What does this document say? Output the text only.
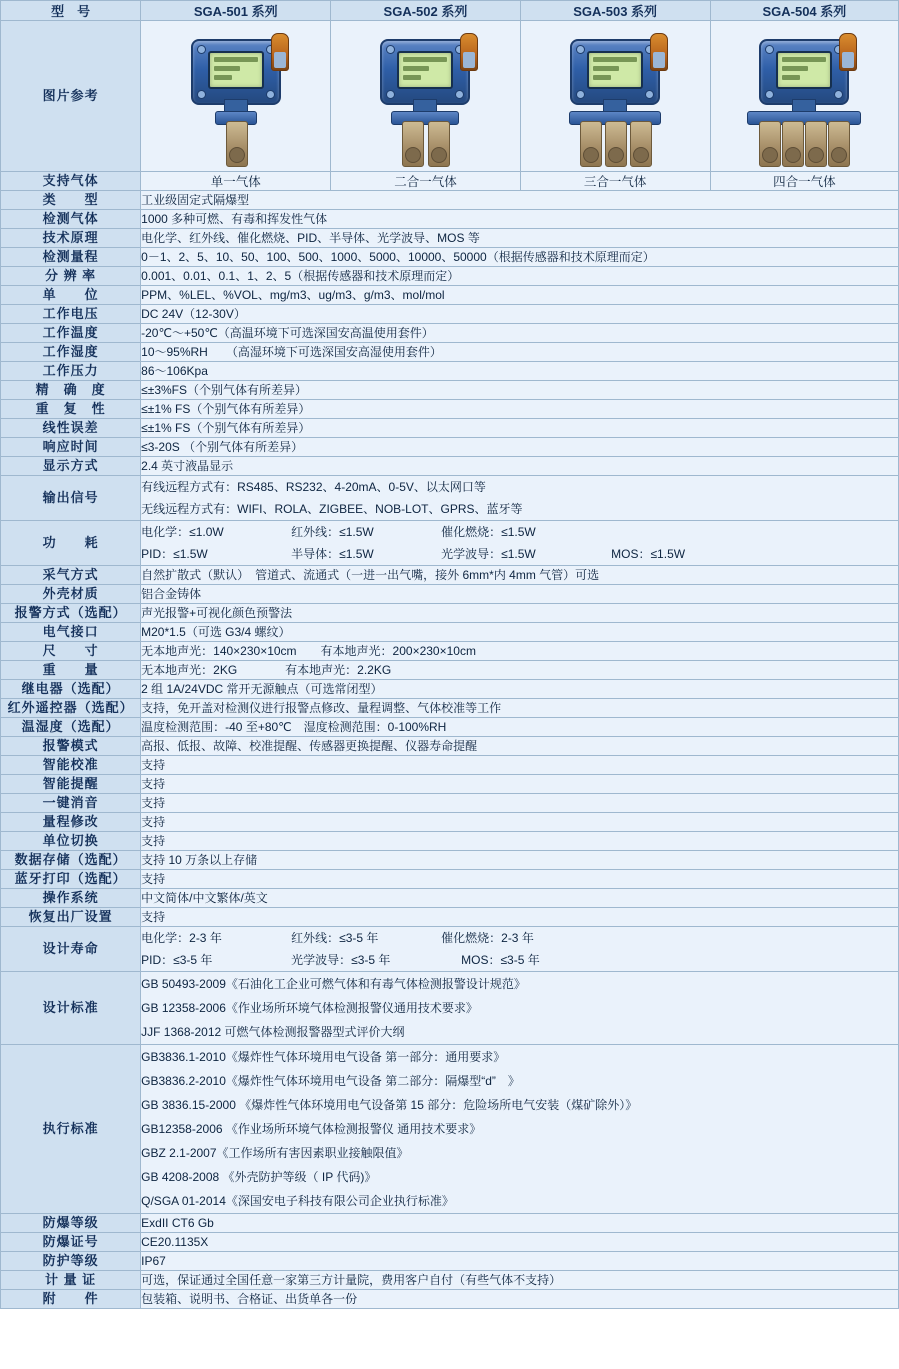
型　号	SGA-501 系列	SGA-502 系列	SGA-503 系列	SGA-504 系列
图片参考	

支持气体	单一气体	二合一气体	三合一气体	四合一气体
类　　型	工业级固定式隔爆型			
检测气体	1000 多种可燃、有毒和挥发性气体			
技术原理	电化学、红外线、催化燃烧、PID、半导体、光学波导、MOS 等			
检测量程	0－1、2、5、10、50、100、500、1000、5000、10000、50000（根据传感器和技术原理而定）			
分 辨 率	0.001、0.01、0.1、1、2、5（根据传感器和技术原理而定）			
单　　位	PPM、%LEL、%VOL、mg/m3、ug/m3、g/m3、mol/mol			
工作电压	DC 24V（12-30V）			
工作温度	-20℃～+50℃（高温环境下可选深国安高温使用套件）			
工作湿度	10～95%RH　　（高湿环境下可选深国安高湿使用套件）			
工作压力	86～106Kpa			
精　确　度	≤±3%FS（个别气体有所差异）			
重　复　性	≤±1% FS（个别气体有所差异）			
线性误差	≤±1% FS（个别气体有所差异）			
响应时间	≤3-20S （个别气体有所差异）			
显示方式	2.4 英寸液晶显示			
输出信号	有线远程方式有：RS485、RS232、4-20mA、0-5V、以太网口等
无线远程方式有：WIFI、ROLA、ZIGBEE、NOB-LOT、GPRS、蓝牙等			

功　　耗	
电化学：≤1.0W	红外线：≤1.5W	催化燃烧：≤1.5W
PID：≤1.5W	半导体：≤1.5W	光学波导：≤1.5W	MOS：≤1.5W

采气方式	自然扩散式（默认）　管道式、流通式（一进一出气嘴，接外 6mm*内 4mm 气管）可选			
外壳材质	铝合金铸体			
报警方式（选配）	声光报警+可视化颜色预警法			
电气接口	M20*1.5（可选 G3/4 螺纹）			
尺　　寸	无本地声光：140×230×10cm　　有本地声光：200×230×10cm			
重　　量	无本地声光：2KG　　　　有本地声光：2.2KG			
继电器（选配）	2 组 1A/24VDC 常开无源触点（可选常闭型）			
红外遥控器（选配）	支持，免开盖对检测仪进行报警点修改、量程调整、气体校准等工作			
温湿度（选配）	温度检测范围：-40 至+80℃　湿度检测范围：0-100%RH			
报警模式	高报、低报、故障、校准提醒、传感器更换提醒、仪器寿命提醒			
智能校准	支持			
智能提醒	支持			
一键消音	支持			
量程修改	支持			
单位切换	支持			
数据存储（选配）	支持 10 万条以上存储			
蓝牙打印（选配）	支持			
操作系统	中文简体/中文繁体/英文			
恢复出厂设置	支持			
设计寿命	
电化学：2-3 年	红外线：≤3-5 年	催化燃烧：2-3 年
PID：≤3-5 年	光学波导：≤3-5 年	MOS：≤3-5 年

设计标准	GB 50493-2009《石油化工企业可燃气体和有毒气体检测报警设计规范》
GB 12358-2006《作业场所环境气体检测报警仪通用技术要求》
JJF 1368-2012 可燃气体检测报警器型式评价大纲			

执行标准	
GB3836.1-2010《爆炸性气体环境用电气设备 第一部分：通用要求》
GB3836.2-2010《爆炸性气体环境用电气设备 第二部分：隔爆型“d”　》
GB 3836.15-2000 《爆炸性气体环境用电气设备第 15 部分：危险场所电气安装（煤矿除外）》
GB12358-2006 《作业场所环境气体检测报警仪 通用技术要求》
GBZ 2.1-2007《工作场所有害因素职业接触限值》
GB 4208-2008 《外壳防护等级（ IP 代码)》
Q/SGA 01-2014《深国安电子科技有限公司企业执行标准》

防爆等级	ExdII CT6 Gb			
防爆证号	CE20.1135X			
防护等级	IP67			
计 量 证	可选，保证通过全国任意一家第三方计量院，费用客户自付（有些气体不支持）			
附　　件	包装箱、说明书、合格证、出货单各一份			
